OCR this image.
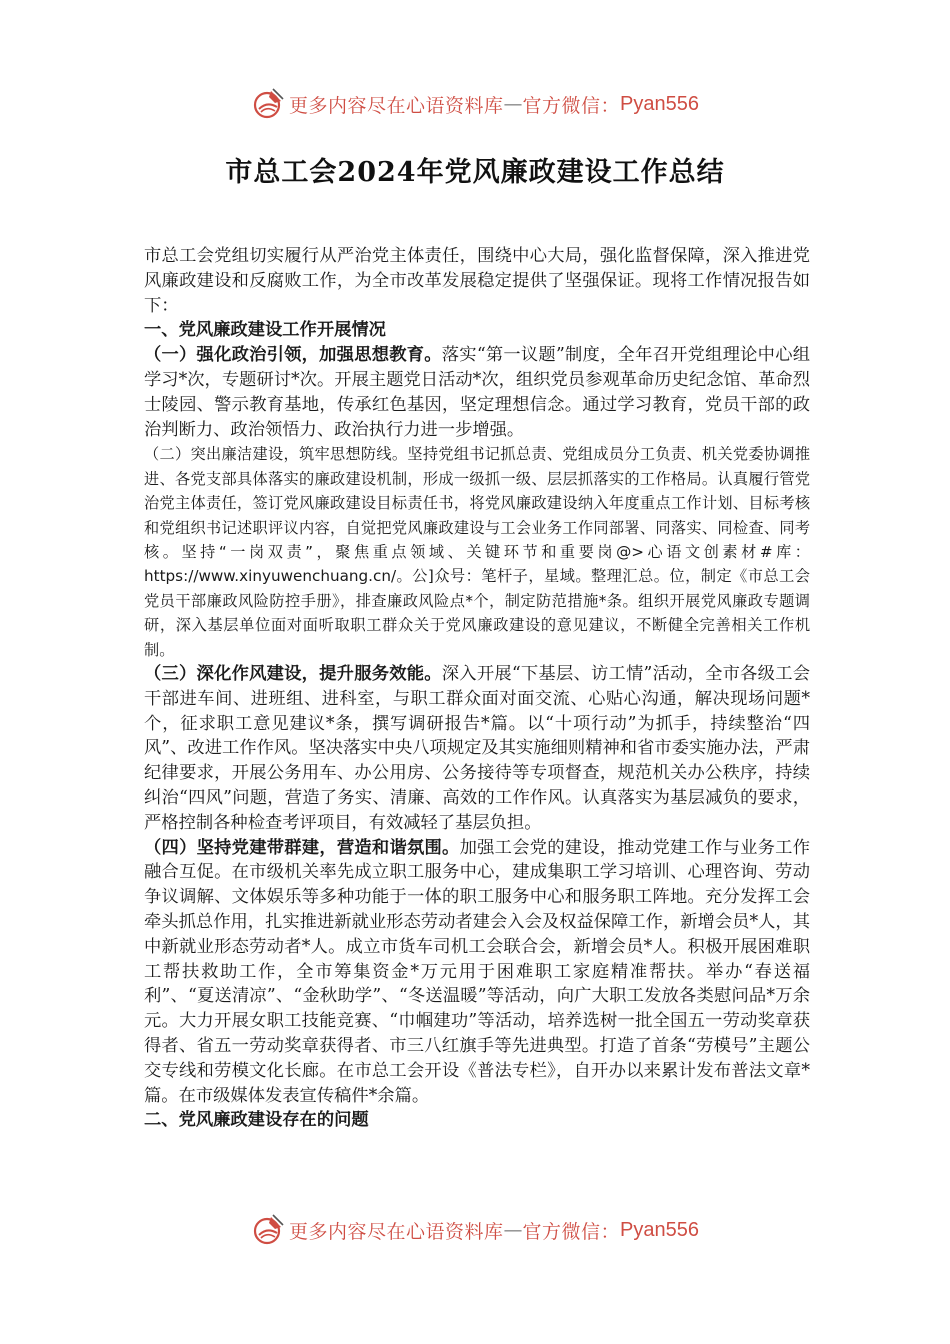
更多内容尽在心语资料库 — 官方微信： Pyan556
市总工会2024年党风廉政建设工作总结

市总工会党组切实履行从严治党主体责任，围绕中心大局，强化监督保障，深入推进党风廉政建设和反腐败工作，为全市改革发展稳定提供了坚强保证。现将工作情况报告如下：

一、党风廉政建设工作开展情况

（一）强化政治引领，加强思想教育。落实“第一议题”制度，全年召开党组理论中心组学习*次，专题研讨*次。开展主题党日活动*次，组织党员参观革命历史纪念馆、革命烈士陵园、警示教育基地，传承红色基因，坚定理想信念。通过学习教育，党员干部的政治判断力、政治领悟力、政治执行力进一步增强。

（二）突出廉洁建设，筑牢思想防线。坚持党组书记抓总责、党组成员分工负责、机关党委协调推进、各党支部具体落实的廉政建设机制，形成一级抓一级、层层抓落实的工作格局。认真履行管党治党主体责任，签订党风廉政建设目标责任书，将党风廉政建设纳入年度重点工作计划、目标考核和党组织书记述职评议内容，自觉把党风廉政建设与工会业务工作同部署、同落实、同检查、同考核。坚持“一岗双责”，聚焦重点领域、关键环节和重要岗@>心语文创素材#库：https://www.xinyuwenchuang.cn/。公]众号：笔杆子，星域。整理汇总。位，制定《市总工会党员干部廉政风险防控手册》，排查廉政风险点*个，制定防范措施*条。组织开展党风廉政专题调研，深入基层单位面对面听取职工群众关于党风廉政建设的意见建议，不断健全完善相关工作机制。

（三）深化作风建设，提升服务效能。深入开展“下基层、访工情”活动，全市各级工会干部进车间、进班组、进科室，与职工群众面对面交流、心贴心沟通，解决现场问题*个，征求职工意见建议*条，撰写调研报告*篇。以“十项行动”为抓手，持续整治“四风”、改进工作作风。坚决落实中央八项规定及其实施细则精神和省市委实施办法，严肃纪律要求，开展公务用车、办公用房、公务接待等专项督查，规范机关办公秩序，持续纠治“四风”问题，营造了务实、清廉、高效的工作作风。认真落实为基层减负的要求，严格控制各种检查考评项目，有效减轻了基层负担。

（四）坚持党建带群建，营造和谐氛围。加强工会党的建设，推动党建工作与业务工作融合互促。在市级机关率先成立职工服务中心，建成集职工学习培训、心理咨询、劳动争议调解、文体娱乐等多种功能于一体的职工服务中心和服务职工阵地。充分发挥工会牵头抓总作用，扎实推进新就业形态劳动者建会入会及权益保障工作，新增会员*人，其中新就业形态劳动者*人。成立市货车司机工会联合会，新增会员*人。积极开展困难职工帮扶救助工作，全市筹集资金*万元用于困难职工家庭精准帮扶。举办“春送福利”、“夏送清凉”、“金秋助学”、“冬送温暖”等活动，向广大职工发放各类慰问品*万余元。大力开展女职工技能竞赛、“巾帼建功”等活动，培养选树一批全国五一劳动奖章获得者、省五一劳动奖章获得者、市三八红旗手等先进典型。打造了首条“劳模号”主题公交专线和劳模文化长廊。在市总工会开设《普法专栏》，自开办以来累计发布普法文章*篇。在市级媒体发表宣传稿件*余篇。

二、党风廉政建设存在的问题

更多内容尽在心语资料库 — 官方微信： Pyan556
